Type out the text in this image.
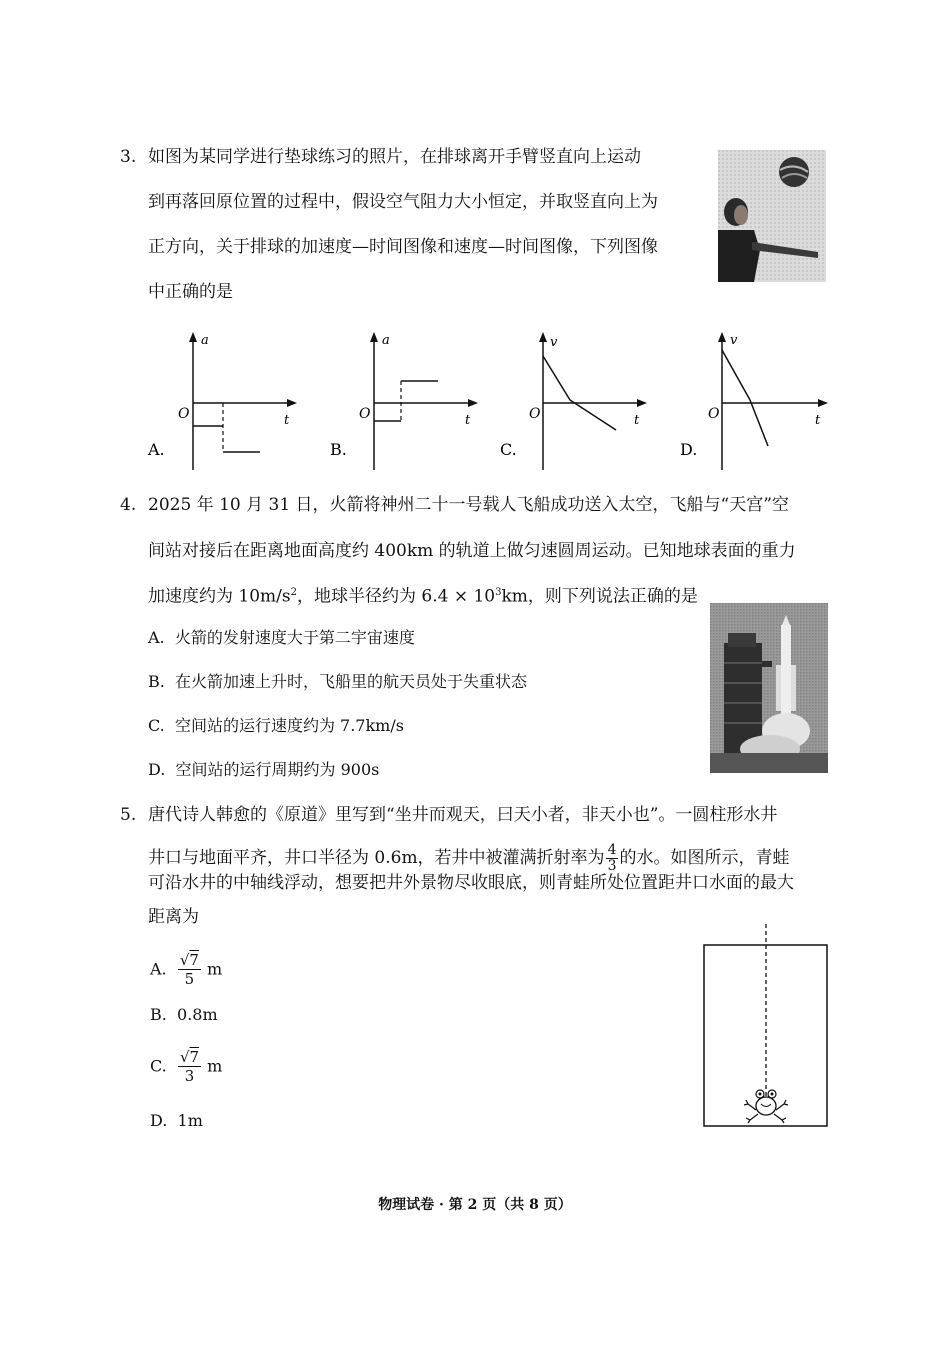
3. 如图为某同学进行垫球练习的照片，在排球离开手臂竖直向上运动
到再落回原位置的过程中，假设空气阻力大小恒定，并取竖直向上为
正方向，关于排球的加速度—时间图像和速度—时间图像，下列图像
中正确的是
a
O	t
A.
a
O	t
B.
v
O	t
C.
v
O	t
D.
4. 2025 年 10 月 31 日，火箭将神州二十一号载人飞船成功送入太空，飞船与“天宫”空
间站对接后在距离地面高度约 400km 的轨道上做匀速圆周运动。已知地球表面的重力
加速度约为 $10m/s^2$，地球半径约为 $6.4 \times 10^3km$，则下列说法正确的是
A. 火箭的发射速度大于第二宇宙速度
B. 在火箭加速上升时，飞船里的航天员处于失重状态
C. 空间站的运行速度约为 7.7km/s
D. 空间站的运行周期约为 900s
5. 唐代诗人韩愈的《原道》里写到“坐井而观天，曰天小者，非天小也”。一圆柱形水井
井口与地面平齐，井口半径为 0.6m，若井中被灌满折射率为 $\frac{4}{3}$ 的水。如图所示，青蛙
可沿水井的中轴线浮动，想要把井外景物尽收眼底，则青蛙所处位置距井口水面的最大
距离为
A. $\frac{√7}{5}$ m
B. 0.8m
C. $\frac{√7}{3}$ m
D. 1m
物理试卷 · 第 2 页（共 8 页）
